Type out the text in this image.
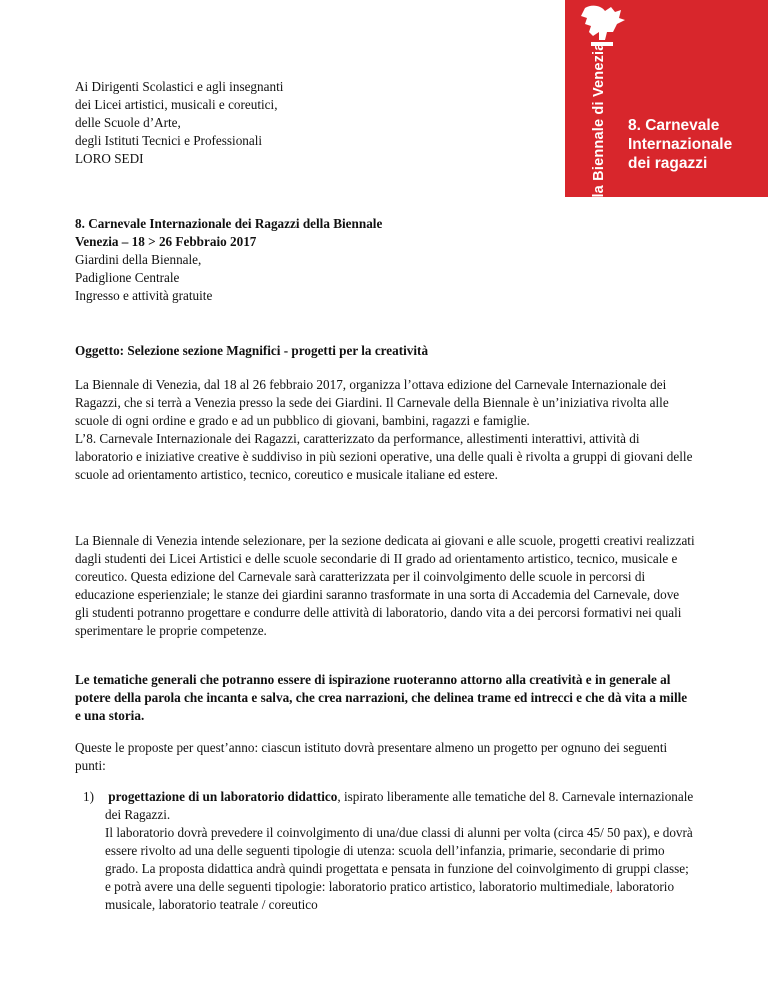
la Biennale di Venezia 8. Carnevale
Internazionale
dei ragazzi

Ai Dirigenti Scolastici e agli insegnanti

dei Licei artistici, musicali e coreutici,

delle Scuole d’Arte,

degli Istituti Tecnici e Professionali

LORO SEDI

8. Carnevale Internazionale dei Ragazzi della Biennale

Venezia – 18 > 26 Febbraio 2017

Giardini della Biennale,

Padiglione Centrale

Ingresso e attività gratuite

Oggetto: Selezione sezione Magnifici - progetti per la creatività

La Biennale di Venezia, dal 18 al 26 febbraio 2017, organizza l’ottava edizione del Carnevale Internazionale dei Ragazzi, che si terrà a Venezia presso la sede dei Giardini. Il Carnevale della Biennale è un’iniziativa rivolta alle scuole di ogni ordine e grado e ad un pubblico di giovani, bambini, ragazzi e famiglie.

L’8. Carnevale Internazionale dei Ragazzi, caratterizzato da performance, allestimenti interattivi, attività di laboratorio e iniziative creative è suddiviso in più sezioni operative, una delle quali è rivolta a gruppi di giovani delle scuole ad orientamento artistico, tecnico, coreutico e musicale italiane ed estere.

La Biennale di Venezia intende selezionare, per la sezione dedicata ai giovani e alle scuole, progetti creativi realizzati dagli studenti dei Licei Artistici e delle scuole secondarie di II grado ad orientamento artistico, tecnico, musicale e coreutico. Questa edizione del Carnevale sarà caratterizzata per il coinvolgimento delle scuole in percorsi di educazione esperienziale; le stanze dei giardini saranno trasformate in una sorta di Accademia del Carnevale, dove gli studenti potranno progettare e condurre delle attività di laboratorio, dando vita a dei percorsi formativi nei quali sperimentare le proprie competenze.
Le tematiche generali che potranno essere di ispirazione ruoteranno attorno alla creatività e in generale al potere della parola che incanta e salva, che crea narrazioni, che delinea trame ed intrecci e che dà vita a mille e una storia.
Queste le proposte per quest’anno: ciascun istituto dovrà presentare almeno un progetto per ognuno dei seguenti punti:
1)	progettazione di un laboratorio didattico, ispirato liberamente alle tematiche del 8. Carnevale internazionale dei Ragazzi.

Il laboratorio dovrà prevedere il coinvolgimento di una/due classi di alunni per volta (circa 45/ 50 pax), e dovrà essere rivolto ad una delle seguenti tipologie di utenza: scuola dell’infanzia, primarie, secondarie di primo grado. La proposta didattica andrà quindi progettata e pensata in funzione del coinvolgimento di gruppi classe; e potrà avere una delle seguenti tipologie: laboratorio pratico artistico, laboratorio multimediale, laboratorio musicale, laboratorio teatrale / coreutico
